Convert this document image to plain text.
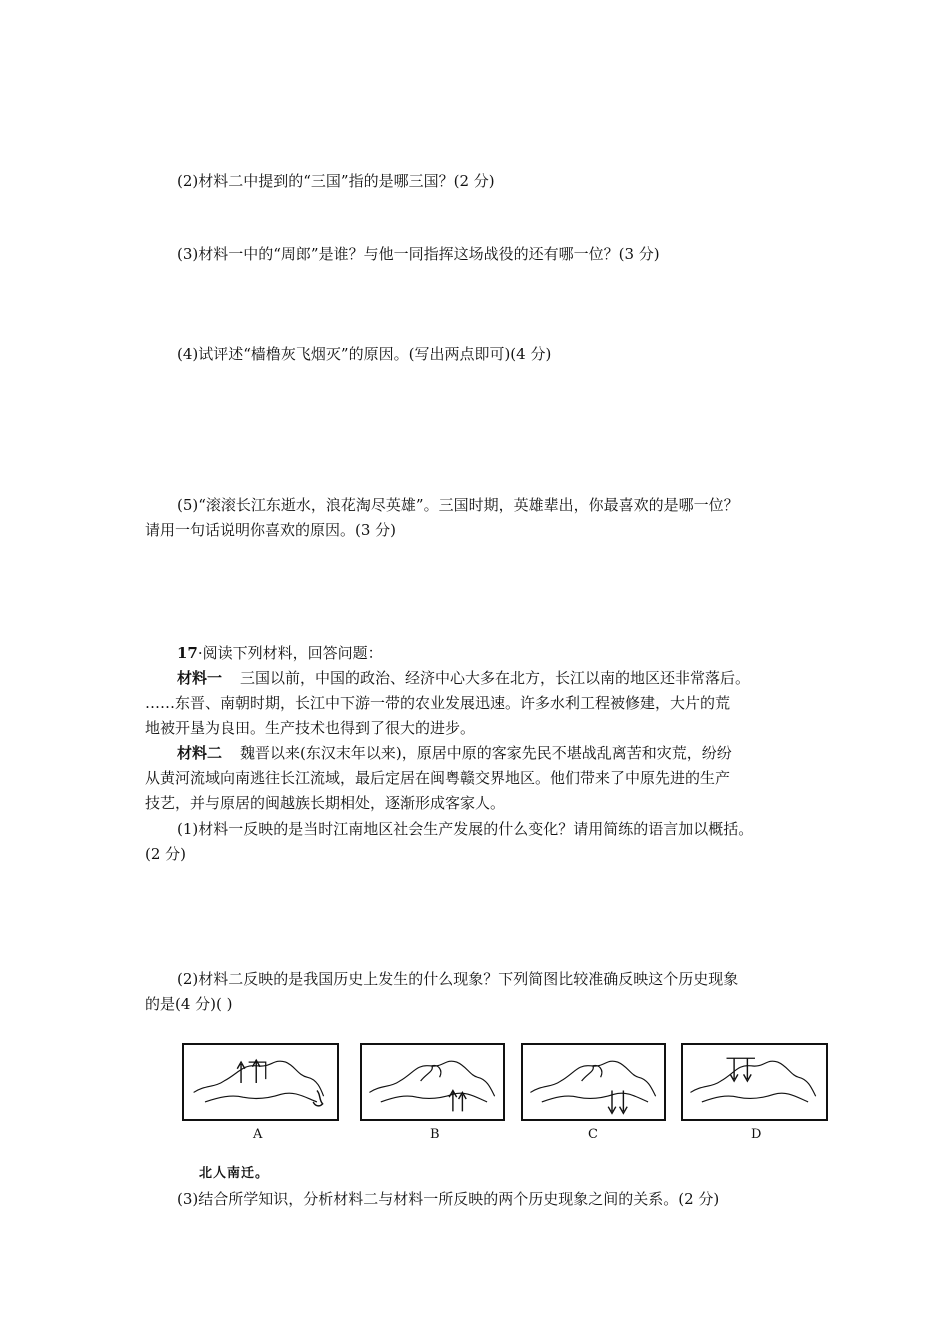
(2)材料二中提到的“三国”指的是哪三国？(2 分)
(3)材料一中的“周郎”是谁？与他一同指挥这场战役的还有哪一位？(3 分)
(4)试评述“樯橹灰飞烟灭”的原因。(写出两点即可)(4 分)
(5)“滚滚长江东逝水，浪花淘尽英雄”。三国时期，英雄辈出，你最喜欢的是哪一位？
请用一句话说明你喜欢的原因。(3 分)
17·阅读下列材料，回答问题：
材料一 三国以前，中国的政治、经济中心大多在北方，长江以南的地区还非常落后。
……东晋、南朝时期，长江中下游一带的农业发展迅速。许多水利工程被修建，大片的荒
地被开垦为良田。生产技术也得到了很大的进步。
材料二 魏晋以来(东汉末年以来)，原居中原的客家先民不堪战乱离苦和灾荒，纷纷
从黄河流域向南逃往长江流域，最后定居在闽粤赣交界地区。他们带来了中原先进的生产
技艺，并与原居的闽越族长期相处，逐渐形成客家人。
(1)材料一反映的是当时江南地区社会生产发展的什么变化？请用简练的语言加以概括。
(2 分)
(2)材料二反映的是我国历史上发生的什么现象？下列简图比较准确反映这个历史现象
的是(4 分)( )
A	B	C	D
北人南迁。
(3)结合所学知识，分析材料二与材料一所反映的两个历史现象之间的关系。(2 分)
